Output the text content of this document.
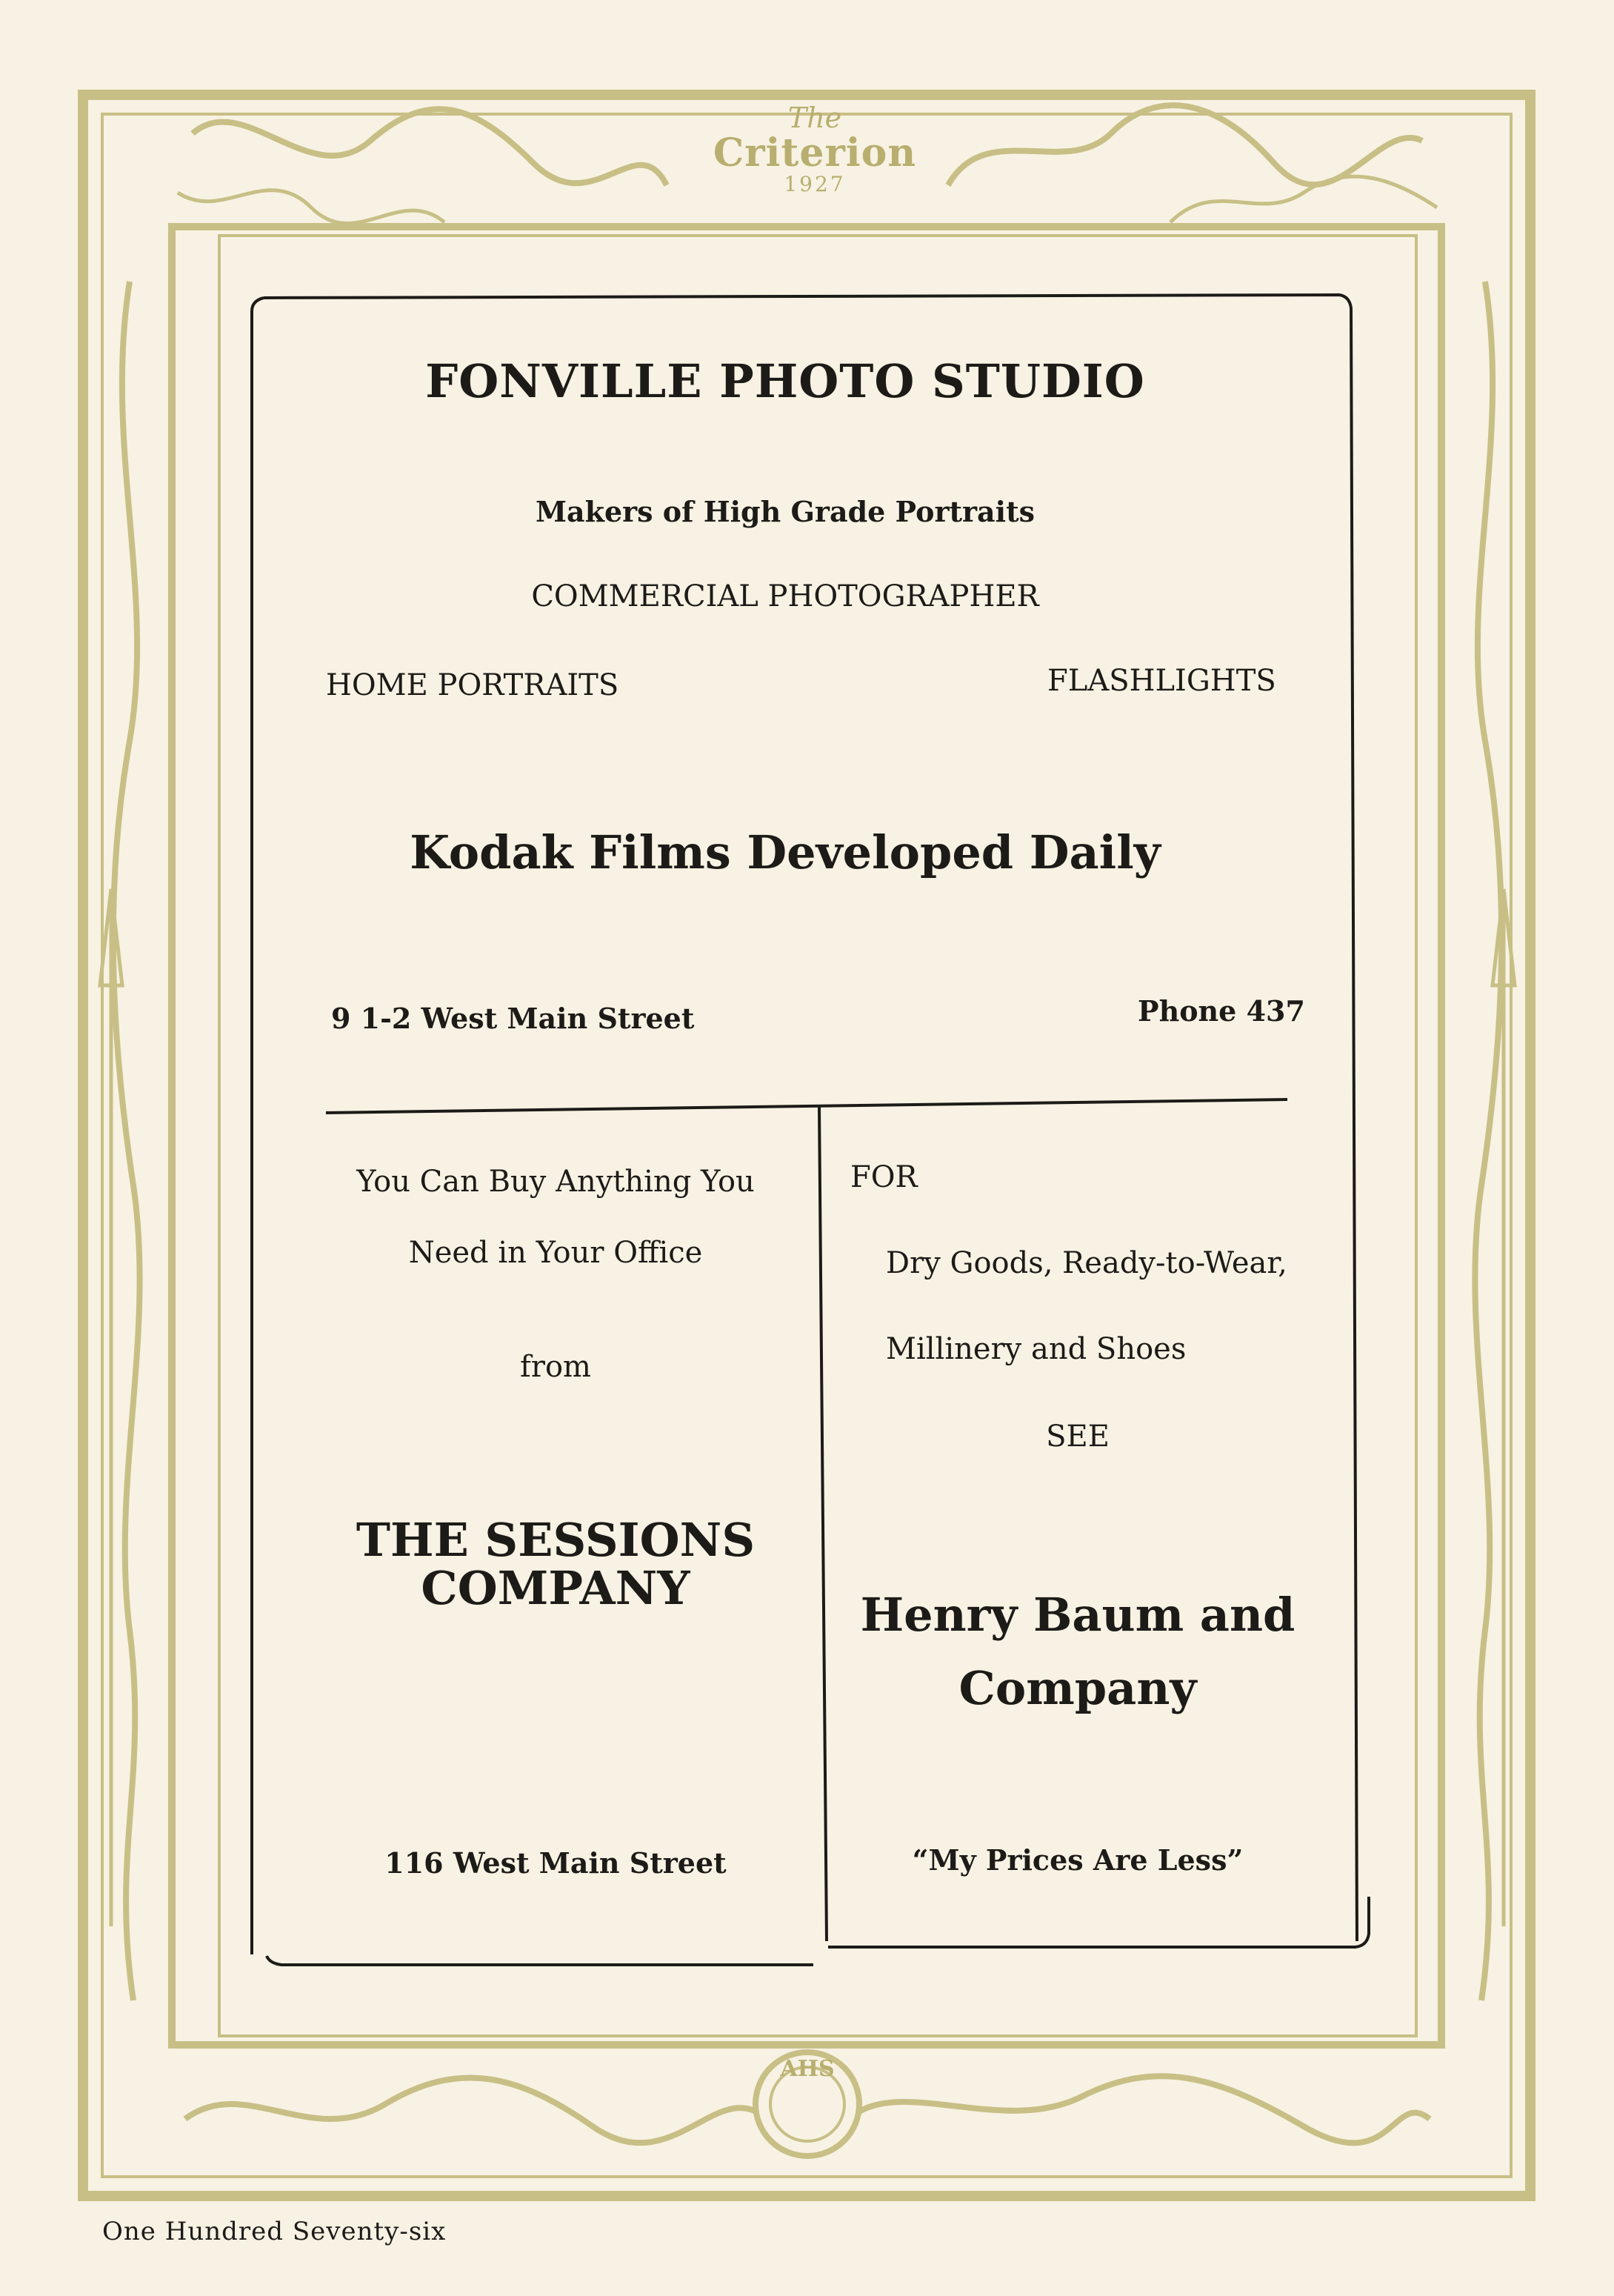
The
Criterion
1927
AHS
FONVILLE PHOTO STUDIO
Makers of High Grade Portraits
COMMERCIAL PHOTOGRAPHER
HOME PORTRAITS	FLASHLIGHTS
Kodak Films Developed Daily
9 1-2 West Main Street	Phone 437
You Can Buy Anything You
Need in Your Office
from
THE SESSIONS COMPANY
116 West Main Street
FOR
Dry Goods, Ready-to-Wear,
Millinery and Shoes
SEE
Henry Baum and Company
“My Prices Are Less”
One Hundred Seventy-six
